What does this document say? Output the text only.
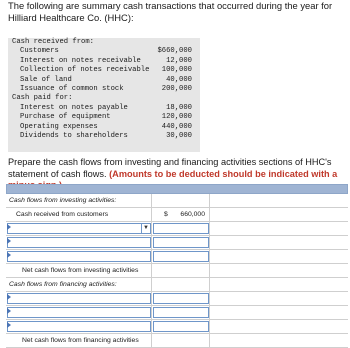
The following are summary cash transactions that occurred during the year for Hilliard Healthcare Co. (HHC):
Cash received from:
Customers	$660,000
Interest on notes receivable	12,000
Collection of notes receivable 100,000
Sale of land	40,000
Issuance of common stock	200,000
Cash paid for:
Interest on notes payable	18,000
Purchase of equipment	120,000
Operating expenses	440,000
Dividends to shareholders	30,000
Prepare the cash flows from investing and financing activities sections of HHC's statement of cash flows. (Amounts to be deducted should be indicated with a
Cash flows from investing activities:
Cash received from customers	$ 660,000
▼
Net cash flows from investing activities
Cash flows from financing activities:
Net cash flows from financing activities
